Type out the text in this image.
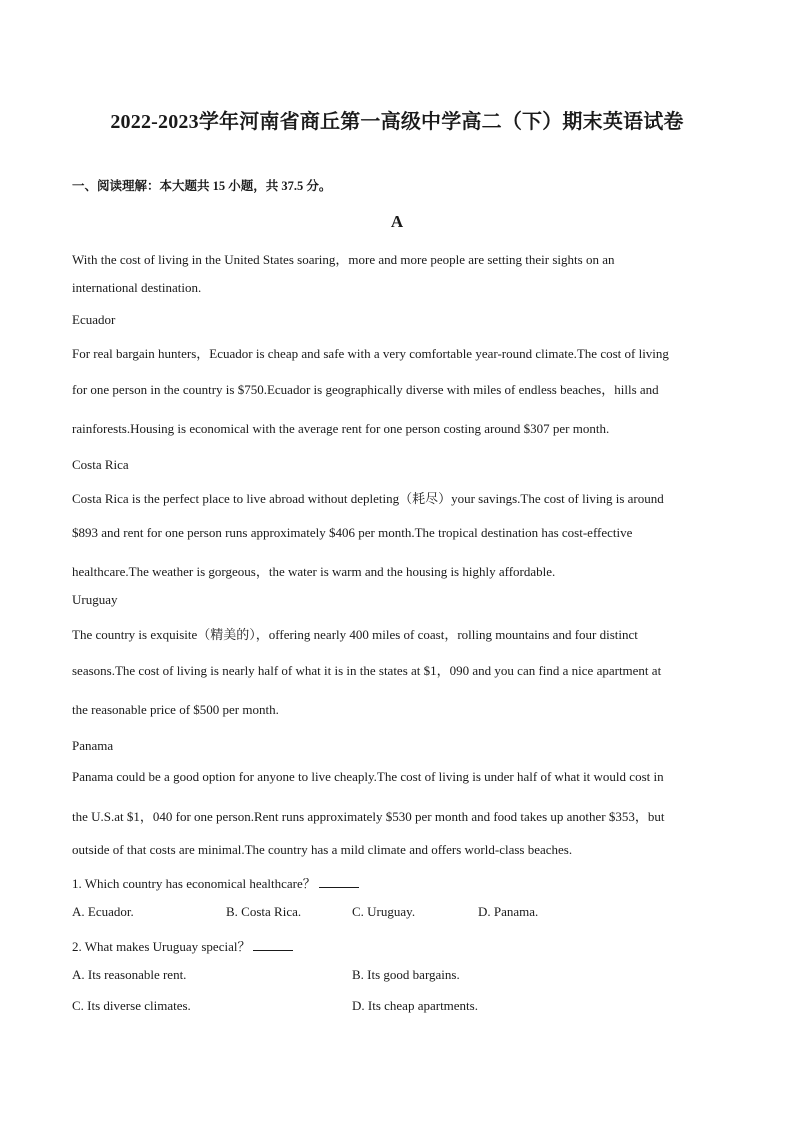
2022-2023学年河南省商丘第一高级中学高二（下）期末英语试卷
一、阅读理解：本大题共 15 小题，共 37.5 分。
A
With the cost of living in the United States soaring，more and more people are setting their sights on an
international destination.
Ecuador
For real bargain hunters，Ecuador is cheap and safe with a very comfortable year-round climate.The cost of living
for one person in the country is $750.Ecuador is geographically diverse with miles of endless beaches，hills and
rainforests.Housing is economical with the average rent for one person costing around $307 per month.
Costa Rica
Costa Rica is the perfect place to live abroad without depleting（耗尽）your savings.The cost of living is around
$893 and rent for one person runs approximately $406 per month.The tropical destination has cost-effective
healthcare.The weather is gorgeous，the water is warm and the housing is highly affordable.
Uruguay
The country is exquisite（精美的），offering nearly 400 miles of coast，rolling mountains and four distinct
seasons.The cost of living is nearly half of what it is in the states at $1，090 and you can find a nice apartment at
the reasonable price of $500 per month.
Panama
Panama could be a good option for anyone to live cheaply.The cost of living is under half of what it would cost in
the U.S.at $1，040 for one person.Rent runs approximately $530 per month and food takes up another $353，but
outside of that costs are minimal.The country has a mild climate and offers world-class beaches.
1. Which country has economical healthcare？
A. Ecuador.	B. Costa Rica.	C. Uruguay.	D. Panama.
2. What makes Uruguay special？
A. Its reasonable rent.	B. Its good bargains.
C. Its diverse climates.	D. Its cheap apartments.
